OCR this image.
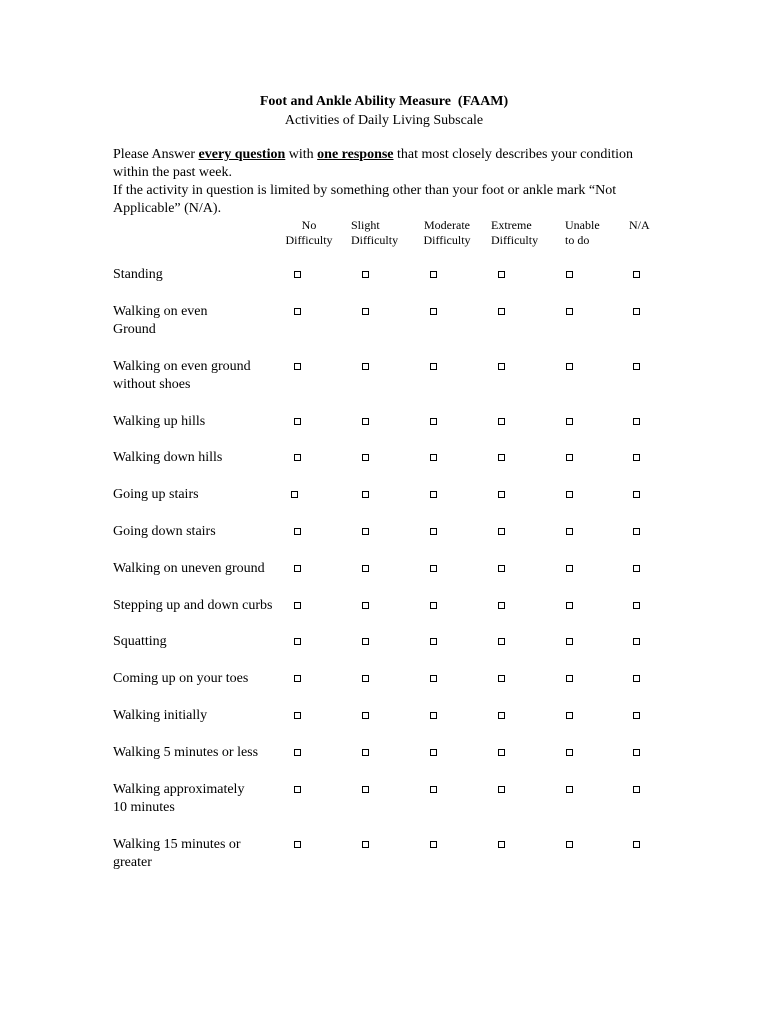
Foot and Ankle Ability Measure  (FAAM)
Activities of Daily Living Subscale
Please Answer every question with one response that most closely describes your condition within the past week.
If the activity in question is limited by something other than your foot or ankle mark “Not Applicable” (N/A).
No
Difficulty
Slight
Difficulty
Moderate
Difficulty
Extreme
Difficulty
Unable
to do
N/A
Standing
Walking on even
Ground
Walking on even ground
without shoes
Walking up hills
Walking down hills
Going up stairs
Going down stairs
Walking on uneven ground
Stepping up and down curbs
Squatting
Coming up on your toes
Walking initially
Walking 5 minutes or less
Walking approximately
10 minutes
Walking 15 minutes or
greater
